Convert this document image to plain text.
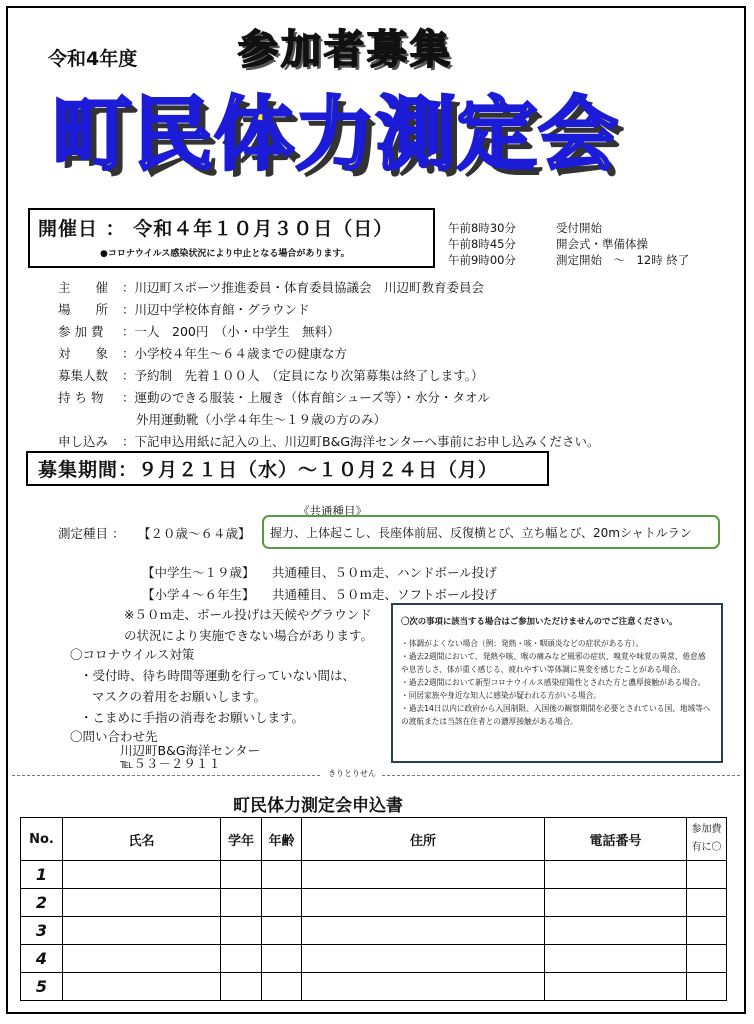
令和4年度	参加者募集
町民体力測定会
開催日 ： 令和４年１０月３０日（日）
●コロナウイルス感染状況により中止となる場合があります。
午前8時30分	受付開始
午前8時45分	開会式・準備体操
午前9時00分	測定開始　～　12時 終了
主　　催 ：川辺町スポーツ推進委員・体育委員協議会　川辺町教育委員会
場　　所 ：川辺中学校体育館・グラウンド
参 加 費 ：一人　200円　（小・中学生　無料）
対　　象 ：小学校４年生～６４歳までの健康な方
募集人数 ：予約制　先着１００人　（定員になり次第募集は終了します。）
持 ち 物 ：運動のできる服装・上履き（体育館シューズ等）・水分・タオル
外用運動靴（小学４年生～１９歳の方のみ）
申し込み ：下記申込用紙に記入の上、川辺町B&G海洋センターへ事前にお申し込みください。
募集期間：９月２１日（水）～１０月２４日（月）
《共通種目》
測定種目 ： 【２０歳～６４歳】 握力、上体起こし、長座体前屈、反復横とび、立ち幅とび、20mシャトルラン
【中学生～１９歳】 共通種目、５０ｍ走、ハンドボール投げ
【小学４～６年生】 共通種目、５０ｍ走、ソフトボール投げ
※５０ｍ走、ボール投げは天候やグラウンド
の状況により実施できない場合があります。
〇コロナウイルス対策
・受付時、待ち時間等運動を行っていない間は、
マスクの着用をお願いします。
・こまめに手指の消毒をお願いします。
〇問い合わせ先
川辺町B&G海洋センター
℡５３－２９１１
〇次の事項に該当する場合はご参加いただけませんのでご注意ください。
・体調がよくない場合（例：発熱・咳・咽頭炎などの症状がある方）。
・過去2週間において、発熱や咳、喉の痛みなど風邪の症状、嗅覚や味覚の異常、倦怠感や息苦しさ、体が重く感じる、疲れやすい等体調に異変を感じたことがある場合。
・過去2週間において新型コロナウイルス感染症陽性とされた方と濃厚接触がある場合。
・同居家族や身近な知人に感染が疑われる方がいる場合。
・過去14日以内に政府から入国制限、入国後の観察期間を必要とされている国、地域等への渡航または当該在住者との濃厚接触がある場合。
きりとりせん
町民体力測定会申込書
No.	氏名	学年	年齢	住所	電話番号	参加費有に〇
1						
2						
3						
4						
5						
